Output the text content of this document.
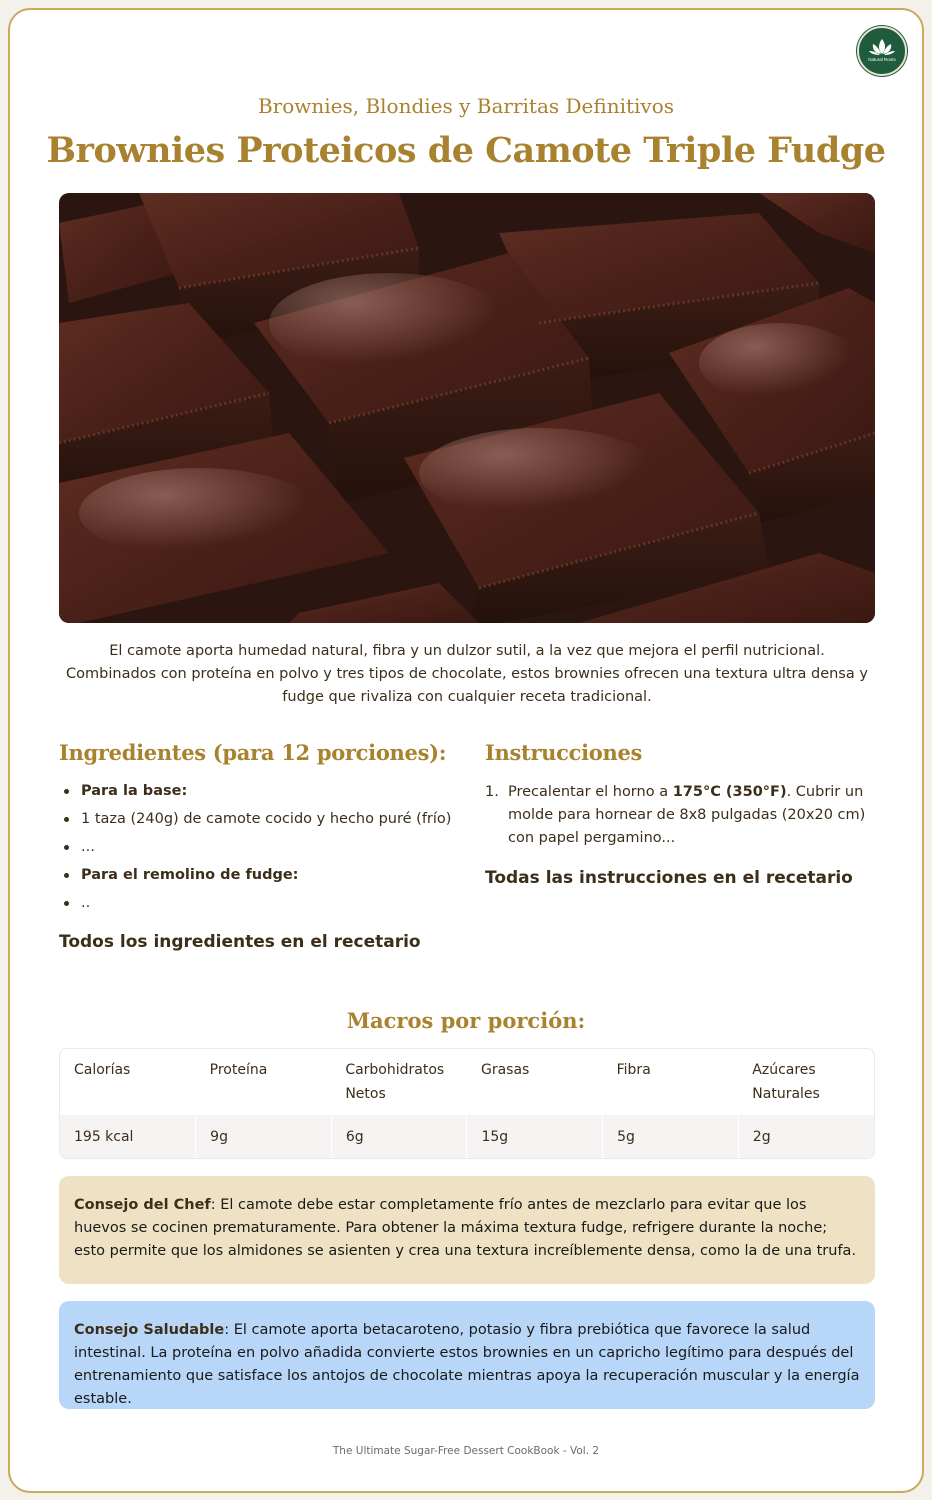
Natural Roots
Brownies, Blondies y Barritas Definitivos
Brownies Proteicos de Camote Triple Fudge

El camote aporta humedad natural, fibra y un dulzor sutil, a la vez que mejora el perfil nutricional. Combinados con proteína en polvo y tres tipos de chocolate, estos brownies ofrecen una textura ultra densa y fudge que rivaliza con cualquier receta tradicional.

Ingredientes (para 12 porciones):
Para la base:
1 taza (240g) de camote cocido y hecho puré (frío)
...
Para el remolino de fudge:
..
Todos los ingredientes en el recetario
Instrucciones
1. Precalentar el horno a 175°C (350°F). Cubrir un molde para hornear de 8x8 pulgadas (20x20 cm) con papel pergamino...
Todas las instrucciones en el recetario
Macros por porción:
Calorías	Proteína	Carbohidratos Netos	Grasas	Fibra	Azúcares Naturales
195 kcal	9g	6g	15g	5g	2g
Consejo del Chef: El camote debe estar completamente frío antes de mezclarlo para evitar que los huevos se cocinen prematuramente. Para obtener la máxima textura fudge, refrigere durante la noche; esto permite que los almidones se asienten y crea una textura increíblemente densa, como la de una trufa.
Consejo Saludable: El camote aporta betacaroteno, potasio y fibra prebiótica que favorece la salud intestinal. La proteína en polvo añadida convierte estos brownies en un capricho legítimo para después del entrenamiento que satisface los antojos de chocolate mientras apoya la recuperación muscular y la energía estable.
The Ultimate Sugar-Free Dessert CookBook - Vol. 2
